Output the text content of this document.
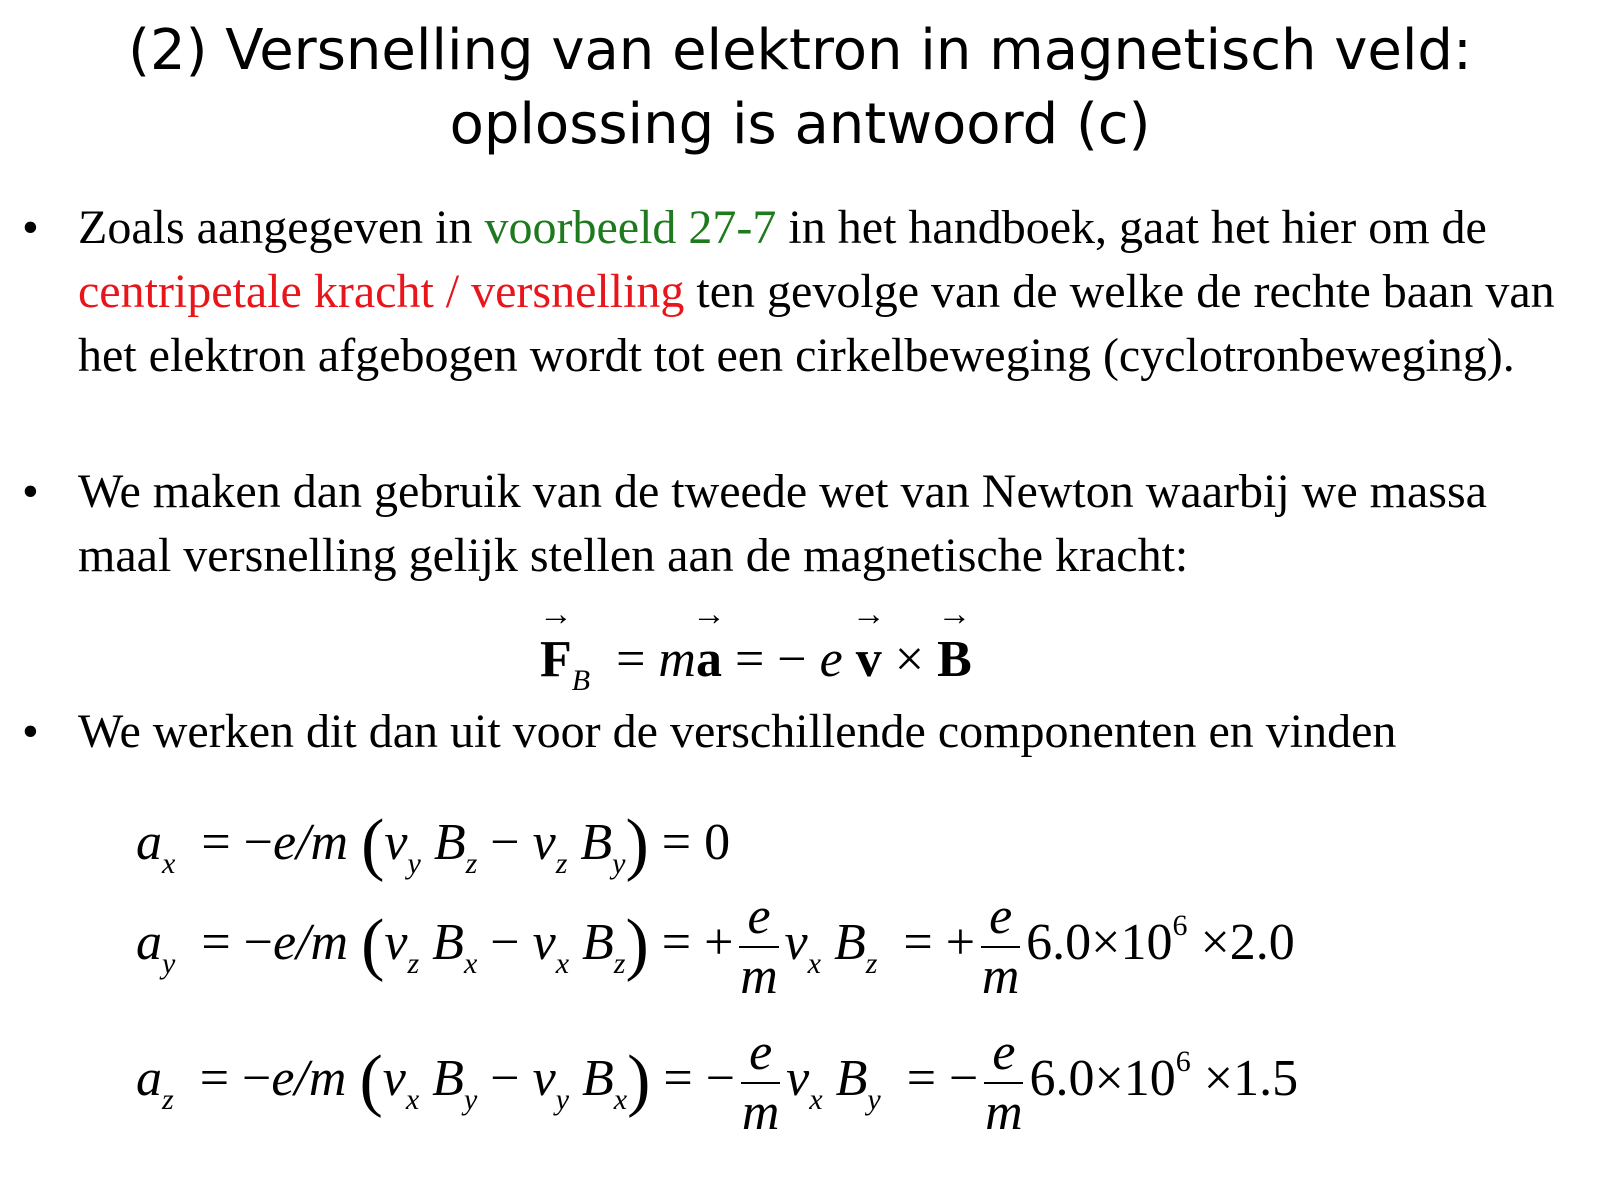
(2) Versnelling van elektron in magnetisch veld:
oplossing is antwoord (c)
• Zoals aangegeven in voorbeeld 27-7 in het handboek, gaat het hier om de centripetale kracht / versnelling ten gevolge van de welke de rechte baan van het elektron afgebogen wordt tot een cirkelbeweging (cyclotronbeweging).
• We maken dan gebruik van de tweede wet van Newton waarbij we massa maal versnelling gelijk stellen aan de magnetische kracht:
• We werken dit dan uit voor de verschillende componenten en vinden
→ $F_B = m\to a$ = − e → v × → B
$a_x = -e/m$ ($v_y$ $B_z - v_z$ $B_y) = 0$
$a_y = -e/m$ ($v_z$ $B_x - v_x$ $B_z$) = + $\frac{e}{m} v_x$ $B_z$  = + $\frac{e}{m} 6.0\times 10^6 \times 2.0$
$a_z = -e/m$ ($v_x$ $B_y - v_y$ $B_x$) = − $\frac{e}{m} v_x$ $B_y$  = − $\frac{e}{m} 6.0\times 10^6 \times 1.5$
